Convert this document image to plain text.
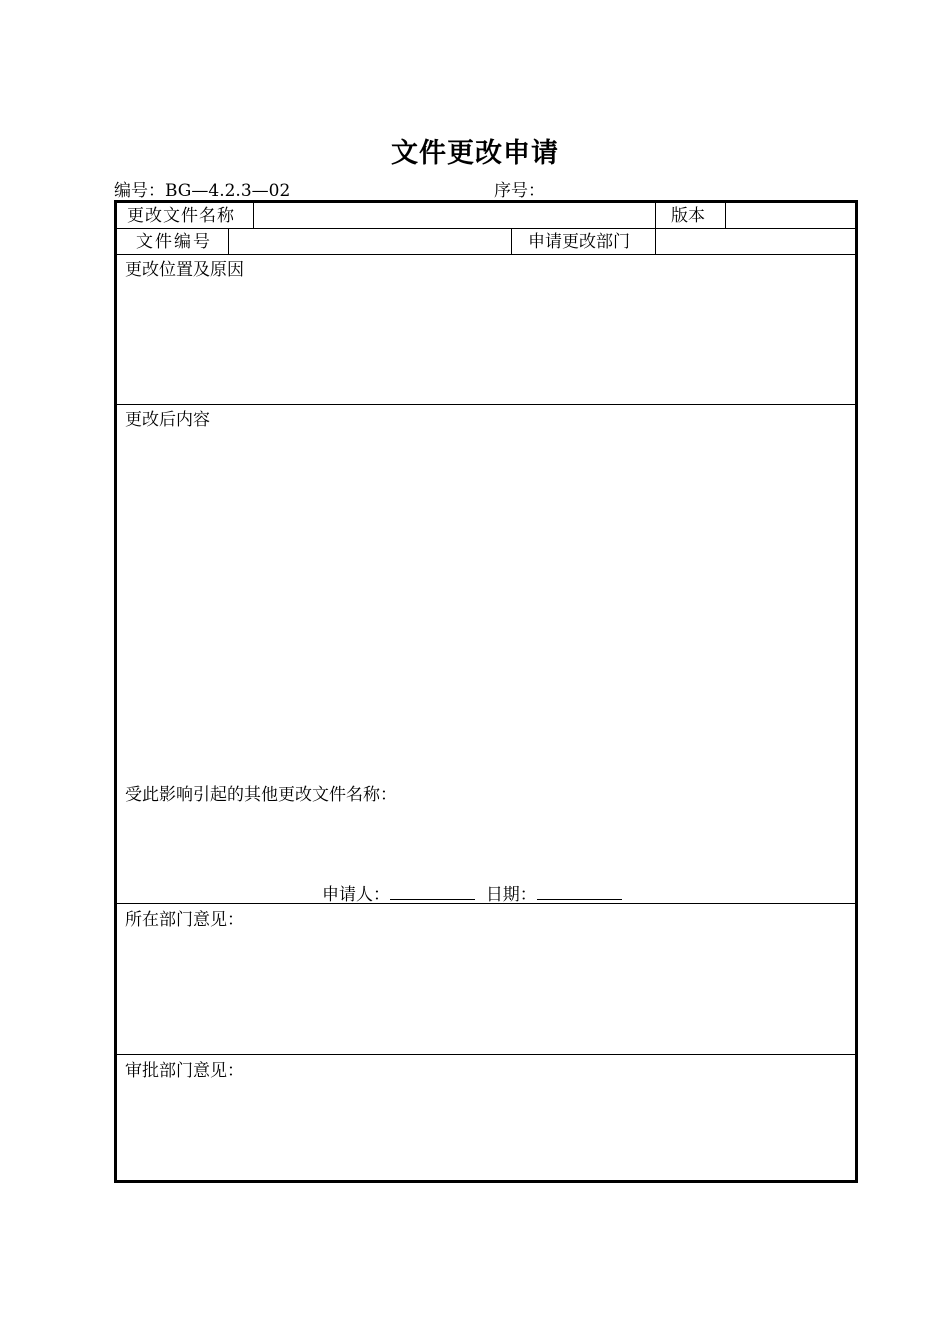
文件更改申请
编号：BG—4.2.3—02	序号：
更改文件名称	版本
文件编号	申请更改部门
更改位置及原因
更改后内容
受此影响引起的其他更改文件名称：
申请人：	日期：
所在部门意见：
审批部门意见：
